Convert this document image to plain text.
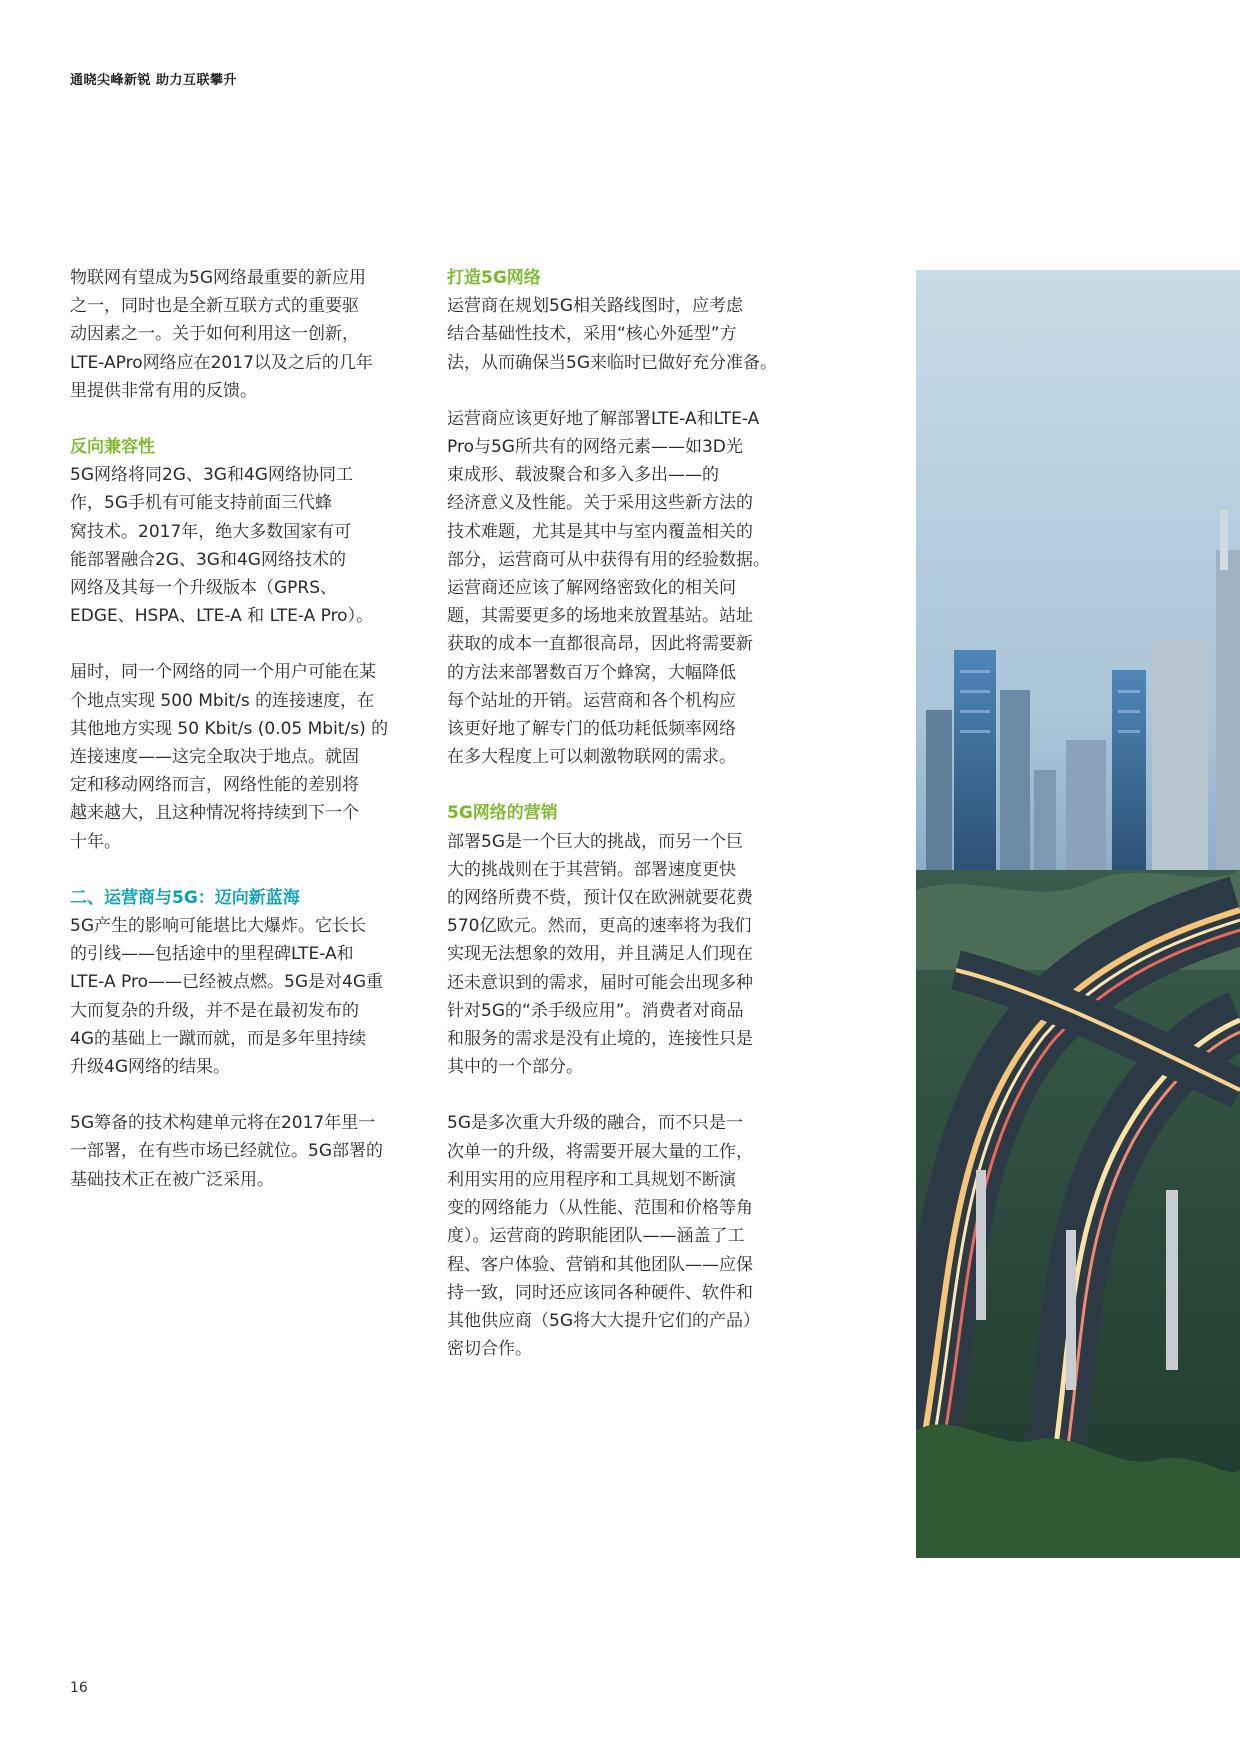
通晓尖峰新锐 助力互联攀升

物联网有望成为5G网络最重要的新应用
之一，同时也是全新互联方式的重要驱
动因素之一。关于如何利用这一创新，
LTE-APro网络应在2017以及之后的几年
里提供非常有用的反馈。

反向兼容性

5G网络将同2G、3G和4G网络协同工
作，5G手机有可能支持前面三代蜂
窝技术。2017年，绝大多数国家有可
能部署融合2G、3G和4G网络技术的
网络及其每一个升级版本（GPRS、
EDGE、HSPA、LTE-A 和 LTE-A Pro）。

届时，同一个网络的同一个用户可能在某
个地点实现 500 Mbit/s 的连接速度，在
其他地方实现 50 Kbit/s (0.05 Mbit/s) 的
连接速度——这完全取决于地点。就固
定和移动网络而言，网络性能的差别将
越来越大，且这种情况将持续到下一个
十年。

二、运营商与5G：迈向新蓝海

5G产生的影响可能堪比大爆炸。它长长
的引线——包括途中的里程碑LTE-A和
LTE-A Pro——已经被点燃。5G是对4G重
大而复杂的升级，并不是在最初发布的
4G的基础上一蹴而就，而是多年里持续
升级4G网络的结果。

5G筹备的技术构建单元将在2017年里一
一部署，在有些市场已经就位。5G部署的
基础技术正在被广泛采用。

打造5G网络

运营商在规划5G相关路线图时，应考虑
结合基础性技术，采用“核心外延型”方
法，从而确保当5G来临时已做好充分准备。

运营商应该更好地了解部署LTE-A和LTE-A
Pro与5G所共有的网络元素——如3D光
束成形、载波聚合和多入多出——的
经济意义及性能。关于采用这些新方法的
技术难题，尤其是其中与室内覆盖相关的
部分，运营商可从中获得有用的经验数据。
运营商还应该了解网络密致化的相关问
题，其需要更多的场地来放置基站。站址
获取的成本一直都很高昂，因此将需要新
的方法来部署数百万个蜂窝，大幅降低
每个站址的开销。运营商和各个机构应
该更好地了解专门的低功耗低频率网络
在多大程度上可以刺激物联网的需求。

5G网络的营销

部署5G是一个巨大的挑战，而另一个巨
大的挑战则在于其营销。部署速度更快
的网络所费不赀，预计仅在欧洲就要花费
570亿欧元。然而，更高的速率将为我们
实现无法想象的效用，并且满足人们现在
还未意识到的需求，届时可能会出现多种
针对5G的“杀手级应用”。消费者对商品
和服务的需求是没有止境的，连接性只是
其中的一个部分。

5G是多次重大升级的融合，而不只是一
次单一的升级，将需要开展大量的工作，
利用实用的应用程序和工具规划不断演
变的网络能力（从性能、范围和价格等角
度）。运营商的跨职能团队——涵盖了工
程、客户体验、营销和其他团队——应保
持一致，同时还应该同各种硬件、软件和
其他供应商（5G将大大提升它们的产品）
密切合作。

16
